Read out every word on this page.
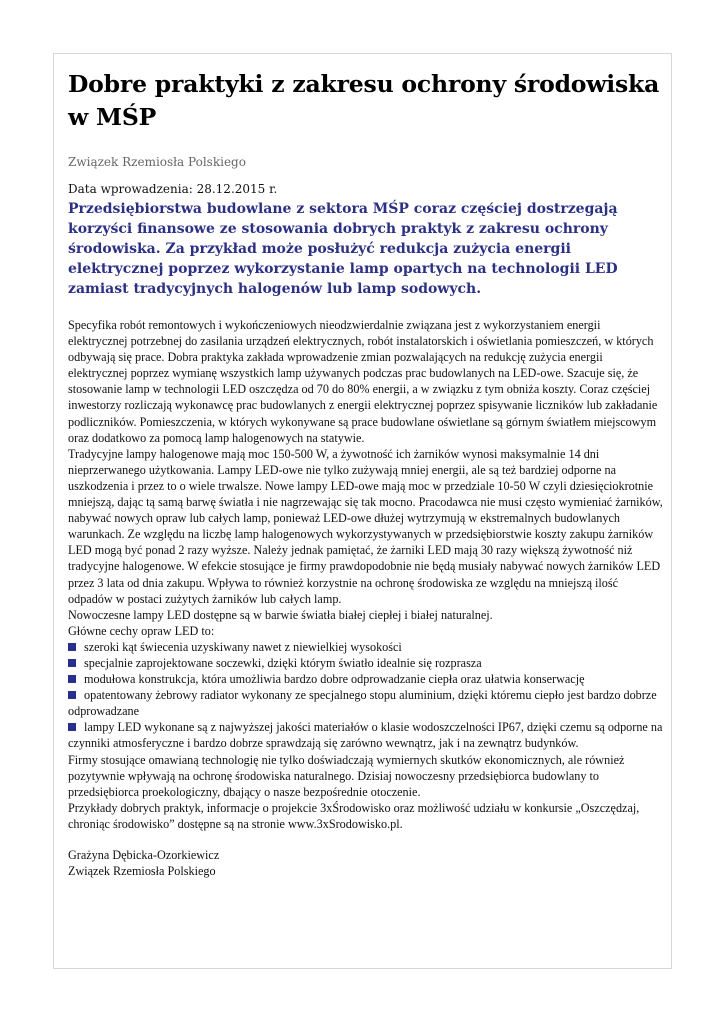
Dobre praktyki z zakresu ochrony środowiska w MŚP
Związek Rzemiosła Polskiego
Data wprowadzenia: 28.12.2015 r.
Przedsiębiorstwa budowlane z sektora MŚP coraz częściej dostrzegają korzyści finansowe ze stosowania dobrych praktyk z zakresu ochrony środowiska. Za przykład może posłużyć redukcja zużycia energii elektrycznej poprzez wykorzystanie lamp opartych na technologii LED zamiast tradycyjnych halogenów lub lamp sodowych.

Specyfika robót remontowych i wykończeniowych nieodzwierdalnie związana jest z wykorzystaniem energii elektrycznej potrzebnej do zasilania urządzeń elektrycznych, robót instalatorskich i oświetlania pomieszczeń, w których odbywają się prace. Dobra praktyka zakłada wprowadzenie zmian pozwalających na redukcję zużycia energii elektrycznej poprzez wymianę wszystkich lamp używanych podczas prac budowlanych na LED-owe. Szacuje się, że stosowanie lamp w technologii LED oszczędza od 70 do 80% energii, a w związku z tym obniża koszty. Coraz częściej inwestorzy rozliczają wykonawcę prac budowlanych z energii elektrycznej poprzez spisywanie liczników lub zakładanie podliczników. Pomieszczenia, w których wykonywane są prace budowlane oświetlane są górnym światłem miejscowym oraz dodatkowo za pomocą lamp halogenowych na statywie.

Tradycyjne lampy halogenowe mają moc 150-500 W, a żywotność ich żarników wynosi maksymalnie 14 dni nieprzerwanego użytkowania. Lampy LED-owe nie tylko zużywają mniej energii, ale są też bardziej odporne na uszkodzenia i przez to o wiele trwalsze. Nowe lampy LED-owe mają moc w przedziale 10-50 W czyli dziesięciokrotnie mniejszą, dając tą samą barwę światła i nie nagrzewając się tak mocno. Pracodawca nie musi często wymieniać żarników, nabywać nowych opraw lub całych lamp, ponieważ LED-owe dłużej wytrzymują w ekstremalnych budowlanych warunkach. Ze względu na liczbę lamp halogenowych wykorzystywanych w przedsiębiorstwie koszty zakupu żarników LED mogą być ponad 2 razy wyższe. Należy jednak pamiętać, że żarniki LED mają 30 razy większą żywotność niż tradycyjne halogenowe. W efekcie stosujące je firmy prawdopodobnie nie będą musiały nabywać nowych żarników LED przez 3 lata od dnia zakupu. Wpływa to również korzystnie na ochronę środowiska ze względu na mniejszą ilość odpadów w postaci zużytych żarników lub całych lamp.

Nowoczesne lampy LED dostępne są w barwie światła białej ciepłej i białej naturalnej.

Główne cechy opraw LED to:

szeroki kąt świecenia uzyskiwany nawet z niewielkiej wysokości
specjalnie zaprojektowane soczewki, dzięki którym światło idealnie się rozprasza
modułowa konstrukcja, która umożliwia bardzo dobre odprowadzanie ciepła oraz ułatwia konserwację
opatentowany żebrowy radiator wykonany ze specjalnego stopu aluminium, dzięki któremu ciepło jest bardzo dobrze odprowadzane
lampy LED wykonane są z najwyższej jakości materiałów o klasie wodoszczelności IP67, dzięki czemu są odporne na czynniki atmosferyczne i bardzo dobrze sprawdzają się zarówno wewnątrz, jak i na zewnątrz budynków.

Firmy stosujące omawianą technologię nie tylko doświadczają wymiernych skutków ekonomicznych, ale również pozytywnie wpływają na ochronę środowiska naturalnego. Dzisiaj nowoczesny przedsiębiorca budowlany to przedsiębiorca proekologiczny, dbający o nasze bezpośrednie otoczenie.

Przykłady dobrych praktyk, informacje o projekcie 3xŚrodowisko oraz możliwość udziału w konkursie „Oszczędzaj, chroniąc środowisko” dostępne są na stronie www.3xSrodowisko.pl.

Grażyna Dębicka-Ozorkiewicz

Związek Rzemiosła Polskiego
